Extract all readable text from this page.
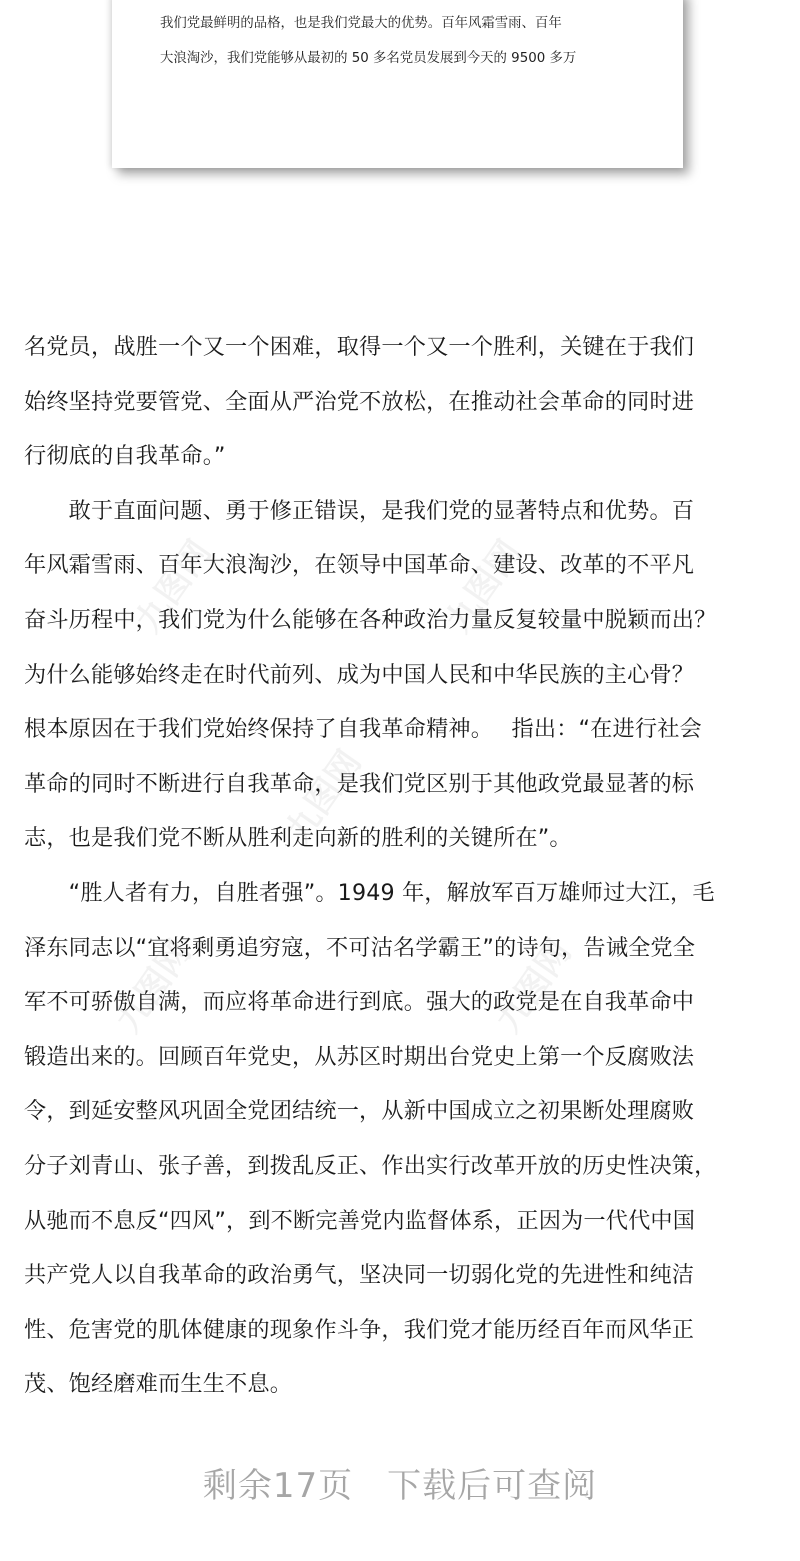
我们党最鲜明的品格，也是我们党最大的优势。百年风霜雪雨、百年
大浪淘沙，我们党能够从最初的 50 多名党员发展到今天的 9500 多万
九图网	九图网
九图网
九图网	九图网
名党员，战胜一个又一个困难，取得一个又一个胜利，关键在于我们
始终坚持党要管党、全面从严治党不放松，在推动社会革命的同时进
行彻底的自我革命。”
　　敢于直面问题、勇于修正错误，是我们党的显著特点和优势。百
年风霜雪雨、百年大浪淘沙，在领导中国革命、建设、改革的不平凡
奋斗历程中，我们党为什么能够在各种政治力量反复较量中脱颖而出？
为什么能够始终走在时代前列、成为中国人民和中华民族的主心骨？
根本原因在于我们党始终保持了自我革命精神。　 指出：“在进行社会
革命的同时不断进行自我革命，是我们党区别于其他政党最显著的标
志，也是我们党不断从胜利走向新的胜利的关键所在”。
　　“胜人者有力，自胜者强”。1949 年，解放军百万雄师过大江，毛
泽东同志以“宜将剩勇追穷寇，不可沽名学霸王”的诗句，告诫全党全
军不可骄傲自满，而应将革命进行到底。强大的政党是在自我革命中
锻造出来的。回顾百年党史，从苏区时期出台党史上第一个反腐败法
令，到延安整风巩固全党团结统一，从新中国成立之初果断处理腐败
分子刘青山、张子善，到拨乱反正、作出实行改革开放的历史性决策，
从驰而不息反“四风”，到不断完善党内监督体系，正因为一代代中国
共产党人以自我革命的政治勇气，坚决同一切弱化党的先进性和纯洁
性、危害党的肌体健康的现象作斗争，我们党才能历经百年而风华正
茂、饱经磨难而生生不息。
剩余17页 下载后可查阅
